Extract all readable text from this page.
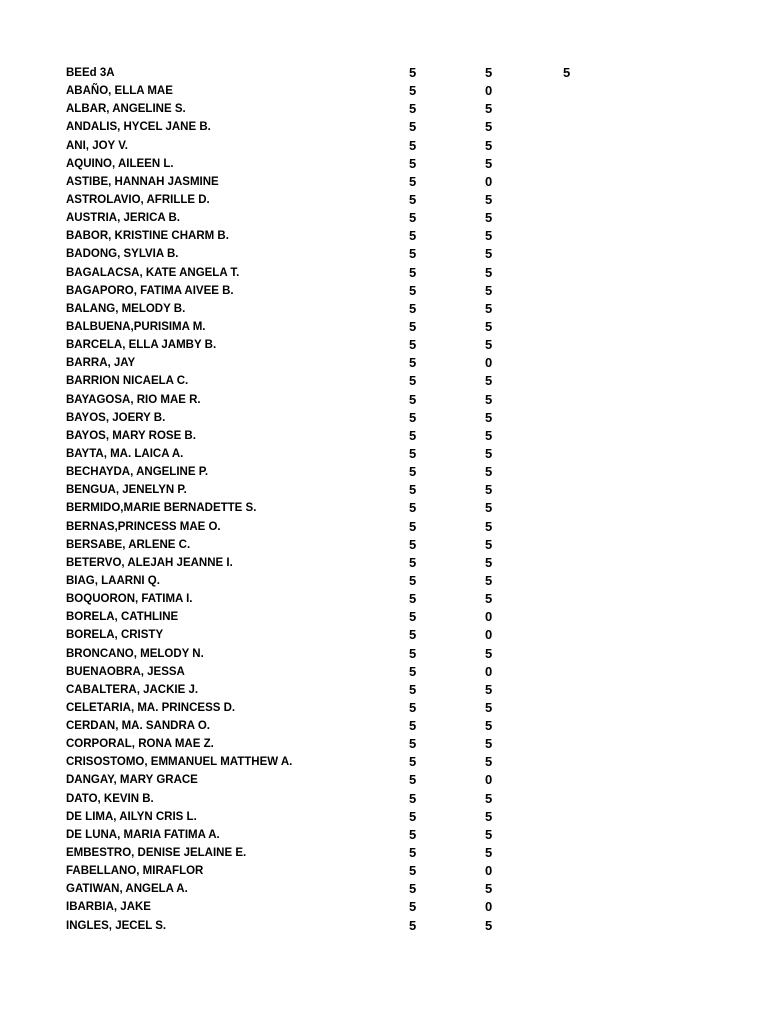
BEEd 3A	5	5	5
ABAÑO, ELLA MAE	5	0
ALBAR, ANGELINE S.	5	5
ANDALIS, HYCEL JANE B.	5	5
ANI, JOY V.	5	5
AQUINO, AILEEN L.	5	5
ASTIBE, HANNAH JASMINE	5	0
ASTROLAVIO, AFRILLE D.	5	5
AUSTRIA, JERICA B.	5	5
BABOR, KRISTINE CHARM B.	5	5
BADONG, SYLVIA B.	5	5
BAGALACSA, KATE ANGELA T.	5	5
BAGAPORO, FATIMA AIVEE B.	5	5
BALANG, MELODY B.	5	5
BALBUENA,PURISIMA M.	5	5
BARCELA, ELLA JAMBY B.	5	5
BARRA, JAY	5	0
BARRION NICAELA C.	5	5
BAYAGOSA, RIO MAE R.	5	5
BAYOS, JOERY B.	5	5
BAYOS, MARY ROSE B.	5	5
BAYTA, MA. LAICA A.	5	5
BECHAYDA, ANGELINE P.	5	5
BENGUA, JENELYN P.	5	5
BERMIDO,MARIE BERNADETTE S.	5	5
BERNAS,PRINCESS MAE O.	5	5
BERSABE, ARLENE C.	5	5
BETERVO, ALEJAH JEANNE I.	5	5
BIAG, LAARNI Q.	5	5
BOQUORON, FATIMA I.	5	5
BORELA, CATHLINE	5	0
BORELA, CRISTY	5	0
BRONCANO, MELODY N.	5	5
BUENAOBRA, JESSA	5	0
CABALTERA, JACKIE J.	5	5
CELETARIA, MA. PRINCESS D.	5	5
CERDAN, MA. SANDRA O.	5	5
CORPORAL, RONA MAE Z.	5	5
CRISOSTOMO, EMMANUEL MATTHEW A.	5	5
DANGAY, MARY GRACE	5	0
DATO, KEVIN B.	5	5
DE LIMA, AILYN CRIS L.	5	5
DE LUNA, MARIA FATIMA A.	5	5
EMBESTRO, DENISE JELAINE E.	5	5
FABELLANO, MIRAFLOR	5	0
GATIWAN, ANGELA A.	5	5
IBARBIA, JAKE	5	0
INGLES, JECEL S.	5	5
